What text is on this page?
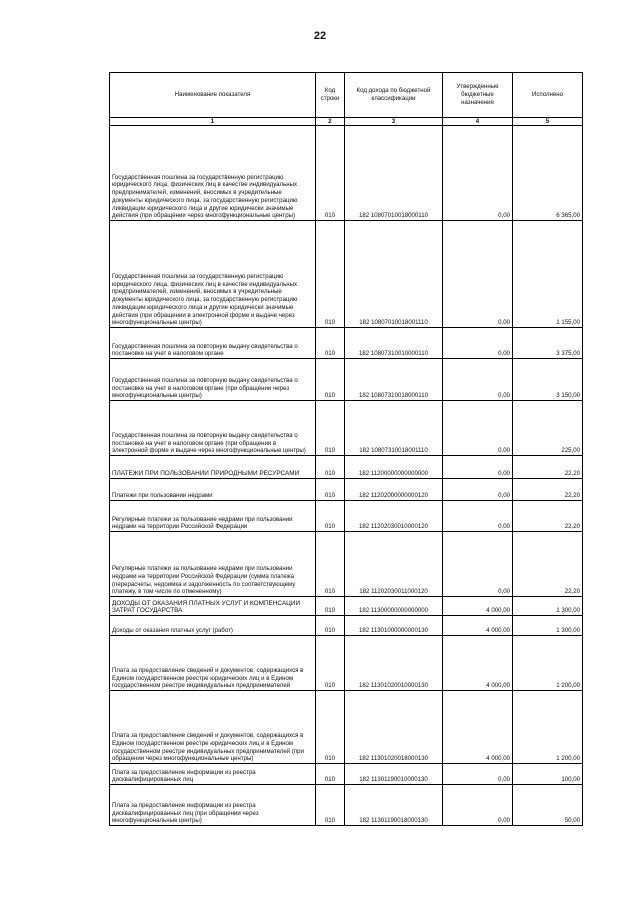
22
Наименование показателя	Код строки	Код дохода по бюджетной классификации	Утвержденные бюджетные назначения	Исполнено
1	2	3	4	5
Государственная пошлина за государственную регистрацию юридического лица, физических лиц в качестве индивидуальных предпринимателей, изменений, вносимых в учредительные документы юридического лица, за государственную регистрацию ликвидации юридического лица и другие юридически значимые действия (при обращении через многофункциональные центры)	010	182 10807010018000110	0,00	6 365,00
Государственная пошлина за государственную регистрацию юридического лица, физических лиц в качестве индивидуальных предпринимателей, изменений, вносимых в учредительные документы юридического лица, за государственную регистрацию ликвидации юридического лица и другие юридически значимые действия (при обращении в электронной форме и выдаче через многофункциональные центры)	010	182 10807010018001110	0,00	1 155,00
Государственная пошлина за повторную выдачу свидетельства о постановке на учет в налоговом органе	010	182 10807310010000110	0,00	3 375,00
Государственная пошлина за повторную выдачу свидетельства о постановке на учет в налоговом органе (при обращении через многофункциональные центры)	010	182 10807310018000110	0,00	3 150,00
Государственная пошлина за повторную выдачу свидетельства о постановке на учет в налоговом органе (при обращении в электронной форме и выдаче через многофункциональные центры)	010	182 10807310018001110	0,00	225,00
ПЛАТЕЖИ ПРИ ПОЛЬЗОВАНИИ ПРИРОДНЫМИ РЕСУРСАМИ	010	182 11200000000000000	0,00	22,20
Платежи при пользовании недрами	010	182 11202000000000120	0,00	22,20
Регулярные платежи за пользование недрами при пользовании недрами на территории Российской Федерации	010	182 11202030010000120	0,00	22,20
Регулярные платежи за пользование недрами при пользовании недрами на территории Российской Федерации (сумма платежа (перерасчеты, недоимка и задолженность по соответствующему платежу, в том числе по отмененному)	010	182 11202030011000120	0,00	22,20
ДОХОДЫ ОТ ОКАЗАНИЯ ПЛАТНЫХ УСЛУГ И КОМПЕНСАЦИИ ЗАТРАТ ГОСУДАРСТВА	010	182 11300000000000000	4 000,00	1 300,00
Доходы от оказания платных услуг (работ)	010	182 11301000000000130	4 000,00	1 300,00
Плата за предоставление сведений и документов, содержащихся в Едином государственном реестре юридических лиц и в Едином государственном реестре индивидуальных предпринимателей	010	182 11301020010000130	4 000,00	1 200,00
Плата за предоставление сведений и документов, содержащихся в Едином государственном реестре юридических лиц и в Едином государственном реестре индивидуальных предпринимателей (при обращении через многофункциональные центры)	010	182 11301020018000130	4 000,00	1 200,00
Плата за предоставление информации из реестра дисквалифицированных лиц	010	182 11301190010000130	0,00	100,00
Плата за предоставление информации из реестра дисквалифицированных лиц (при обращении через многофункциональные центры)	010	182 11301190018000130	0,00	50,00
